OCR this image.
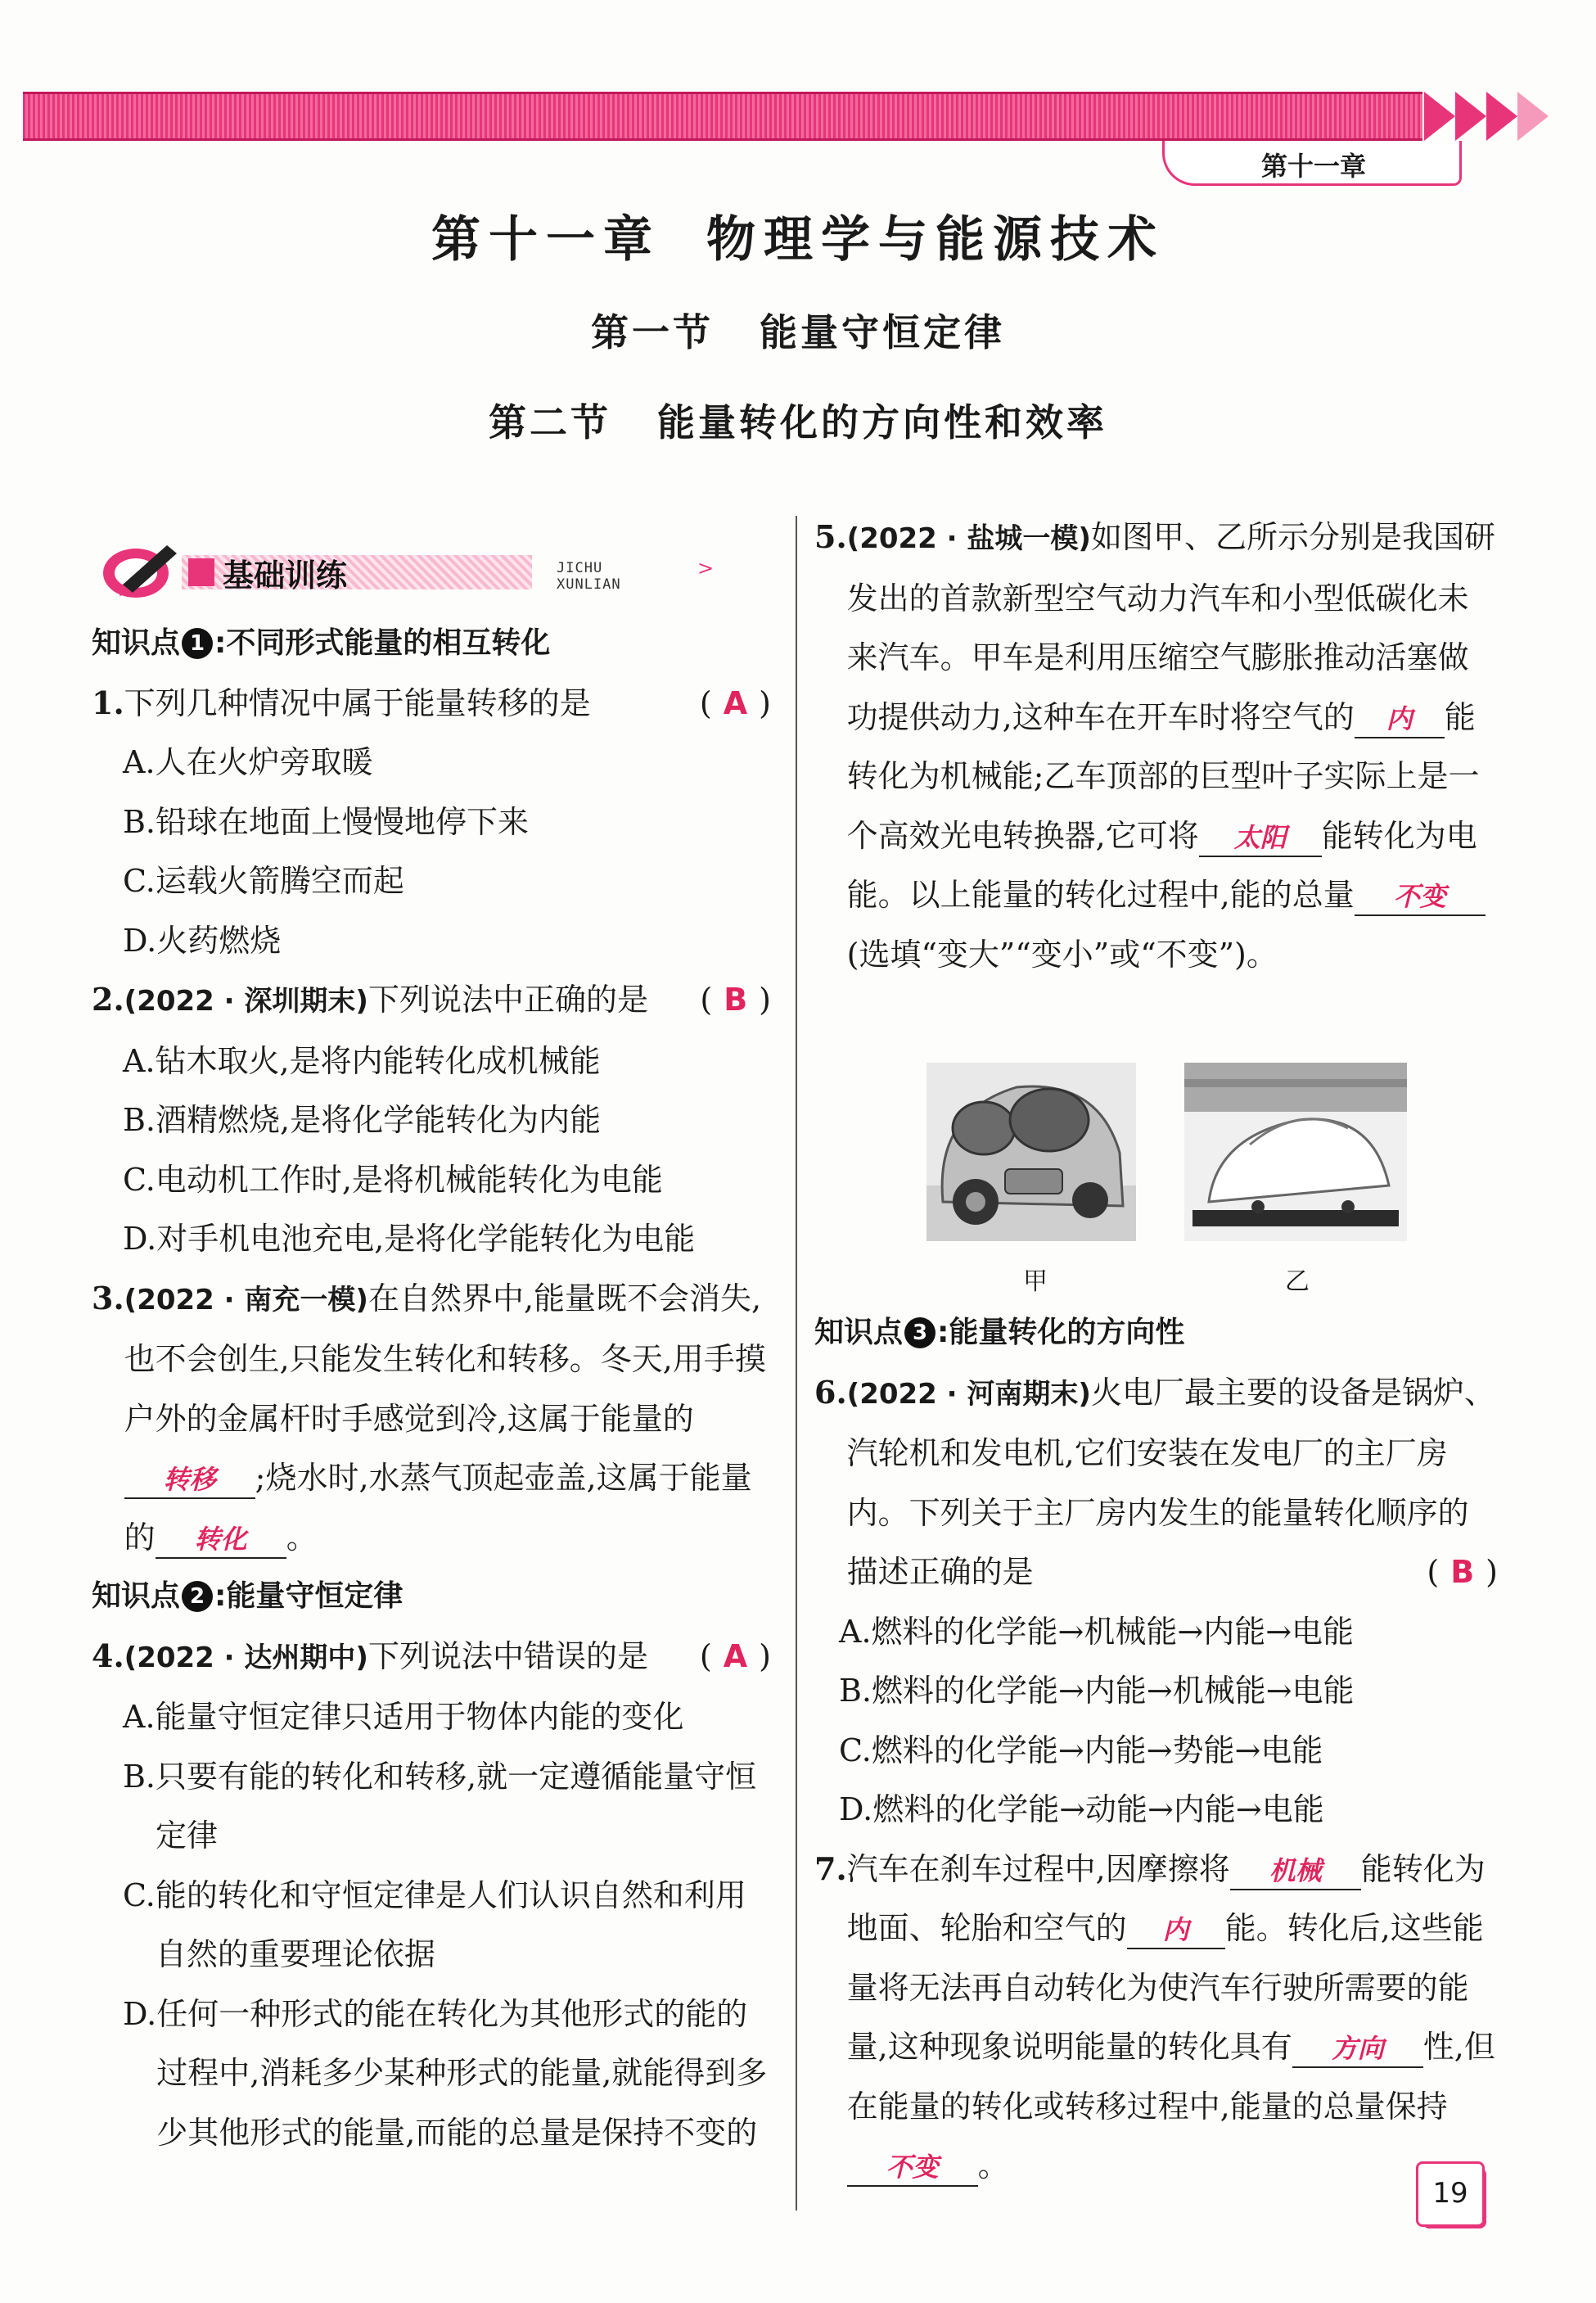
第十一章
第十一章 物理学与能源技术
第一节 能量守恒定律
第二节 能量转化的方向性和效率
基础训练	JICHU XUNLIAN
>
知识点 1 :不同形式能量的相互转化
1. 下列几种情况中属于能量转移的是	( A )
A. 人在火炉旁取暖
B. 铅球在地面上慢慢地停下来
C. 运载火箭腾空而起
D. 火药燃烧
2. (2022 · 深圳期末)下列说法中正确的是 ( B )
A. 钻木取火,是将内能转化成机械能
B. 酒精燃烧,是将化学能转化为内能
C. 电动机工作时,是将机械能转化为电能
D. 对手机电池充电,是将化学能转化为电能
3. (2022 · 南充一模)在自然界中,能量既不会消失,也不会创生,只能发生转化和转移。冬天,用手摸户外的金属杆时手感觉到冷,这属于能量的转移 ;烧水时,水蒸气顶起壶盖,这属于能量的 转化 。
知识点 2 :能量守恒定律
4. (2022 · 达州期中)下列说法中错误的是 ( A )
A. 能量守恒定律只适用于物体内能的变化
B. 只要有能的转化和转移,就一定遵循能量守恒定律
C. 能的转化和守恒定律是人们认识自然和利用自然的重要理论依据
D. 任何一种形式的能在转化为其他形式的能的过程中,消耗多少某种形式的能量,就能得到多少其他形式的能量,而能的总量是保持不变的
5. (2022 · 盐城一模)如图甲、乙所示分别是我国研发出的首款新型空气动力汽车和小型低碳化未来汽车。甲车是利用压缩空气膨胀推动活塞做功提供动力,这种车在开车时将空气的 内 能转化为机械能;乙车顶部的巨型叶子实际上是一个高效光电转换器,它可将 太阳 能转化为电能。以上能量的转化过程中,能的总量 不变(选填“变大”“变小”或“不变”)。
甲	乙
知识点 3 :能量转化的方向性
6. (2022 · 河南期末)火电厂最主要的设备是锅炉、汽轮机和发电机,它们安装在发电厂的主厂房内。下列关于主厂房内发生的能量转化顺序的描述正确的是	( B )
A. 燃料的化学能→机械能→内能→电能
B. 燃料的化学能→内能→机械能→电能
C. 燃料的化学能→内能→势能→电能
D. 燃料的化学能→动能→内能→电能
7. 汽车在刹车过程中,因摩擦将 机械 能转化为地面、轮胎和空气的 内 能。转化后,这些能量将无法再自动转化为使汽车行驶所需要的能量,这种现象说明能量的转化具有 方向 性,但在能量的转化或转移过程中,能量的总量保持不变 。
19
